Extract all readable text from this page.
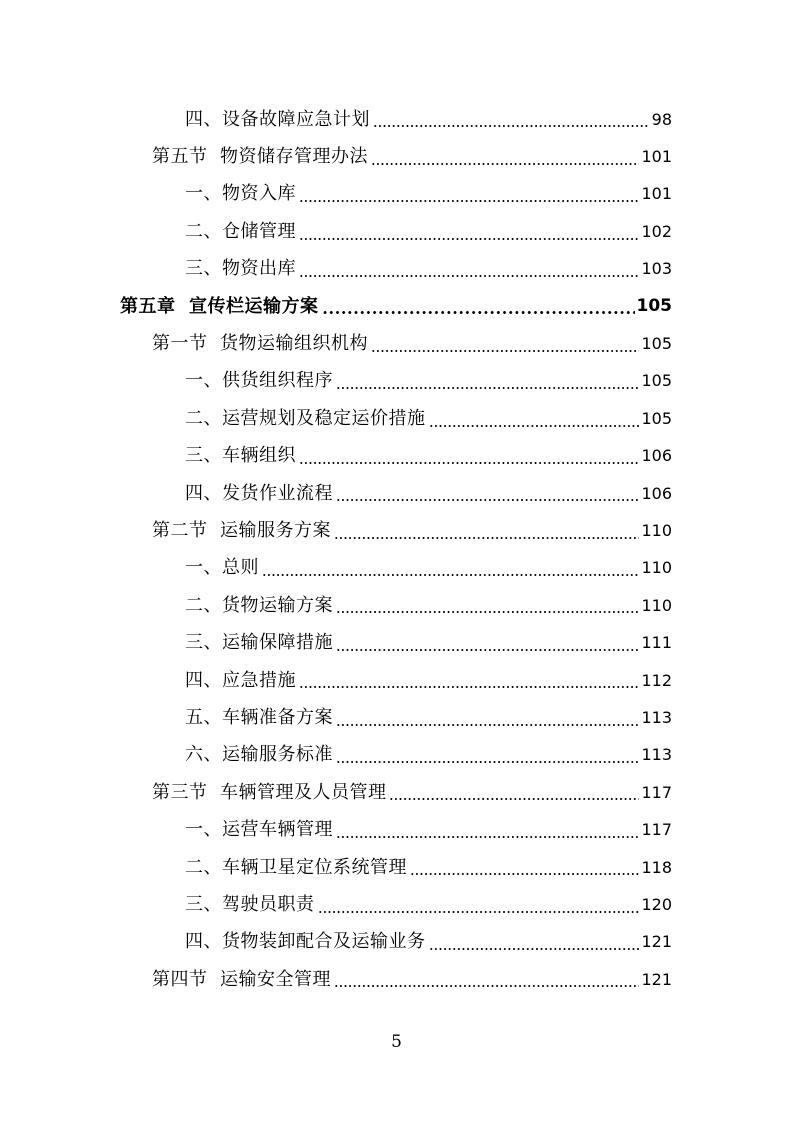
四、设备故障应急计划	98
第五节  物资储存管理办法	101
一、物资入库	101
二、仓储管理	102
三、物资出库	103
第五章  宣传栏运输方案	105
第一节  货物运输组织机构	105
一、供货组织程序	105
二、运营规划及稳定运价措施	105
三、车辆组织	106
四、发货作业流程	106
第二节  运输服务方案	110
一、总则	110
二、货物运输方案	110
三、运输保障措施	111
四、应急措施	112
五、车辆准备方案	113
六、运输服务标准	113
第三节  车辆管理及人员管理	117
一、运营车辆管理	117
二、车辆卫星定位系统管理	118
三、驾驶员职责	120
四、货物装卸配合及运输业务	121
第四节  运输安全管理	121
5
